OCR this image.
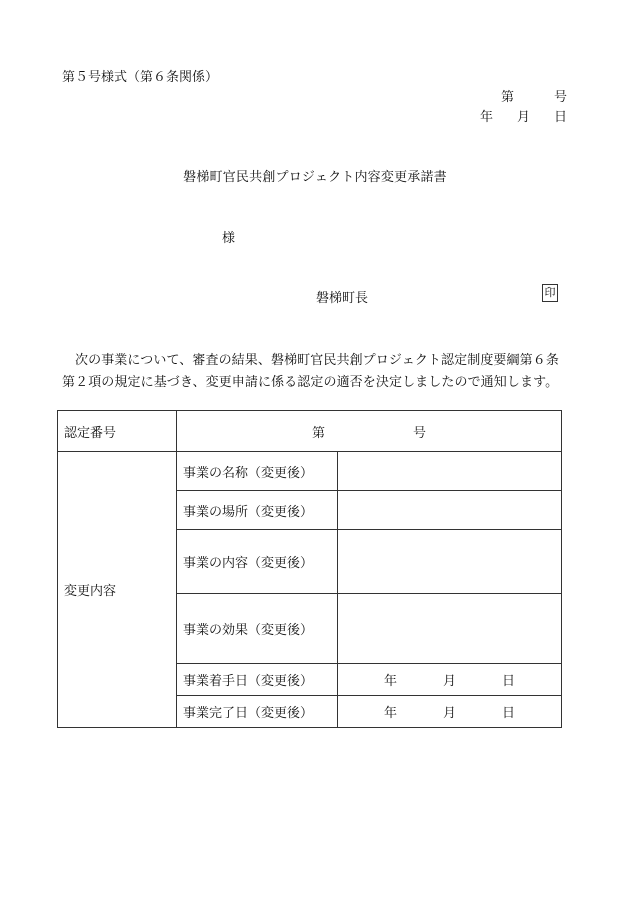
第５号様式（第６条関係）
第	号
年 月 日
磐梯町官民共創プロジェクト内容変更承諾書
様
磐梯町長	印
次の事業について、審査の結果、磐梯町官民共創プロジェクト認定制度要綱第６条第２項の規定に基づき、変更申請に係る認定の適否を決定しましたので通知します。
認定番号	第 号	
変更内容	事業の名称（変更後）	
	事業の場所（変更後）	
	事業の内容（変更後）	
	事業の効果（変更後）	
	事業着手日（変更後）	年 月 日
	事業完了日（変更後）	年 月 日
